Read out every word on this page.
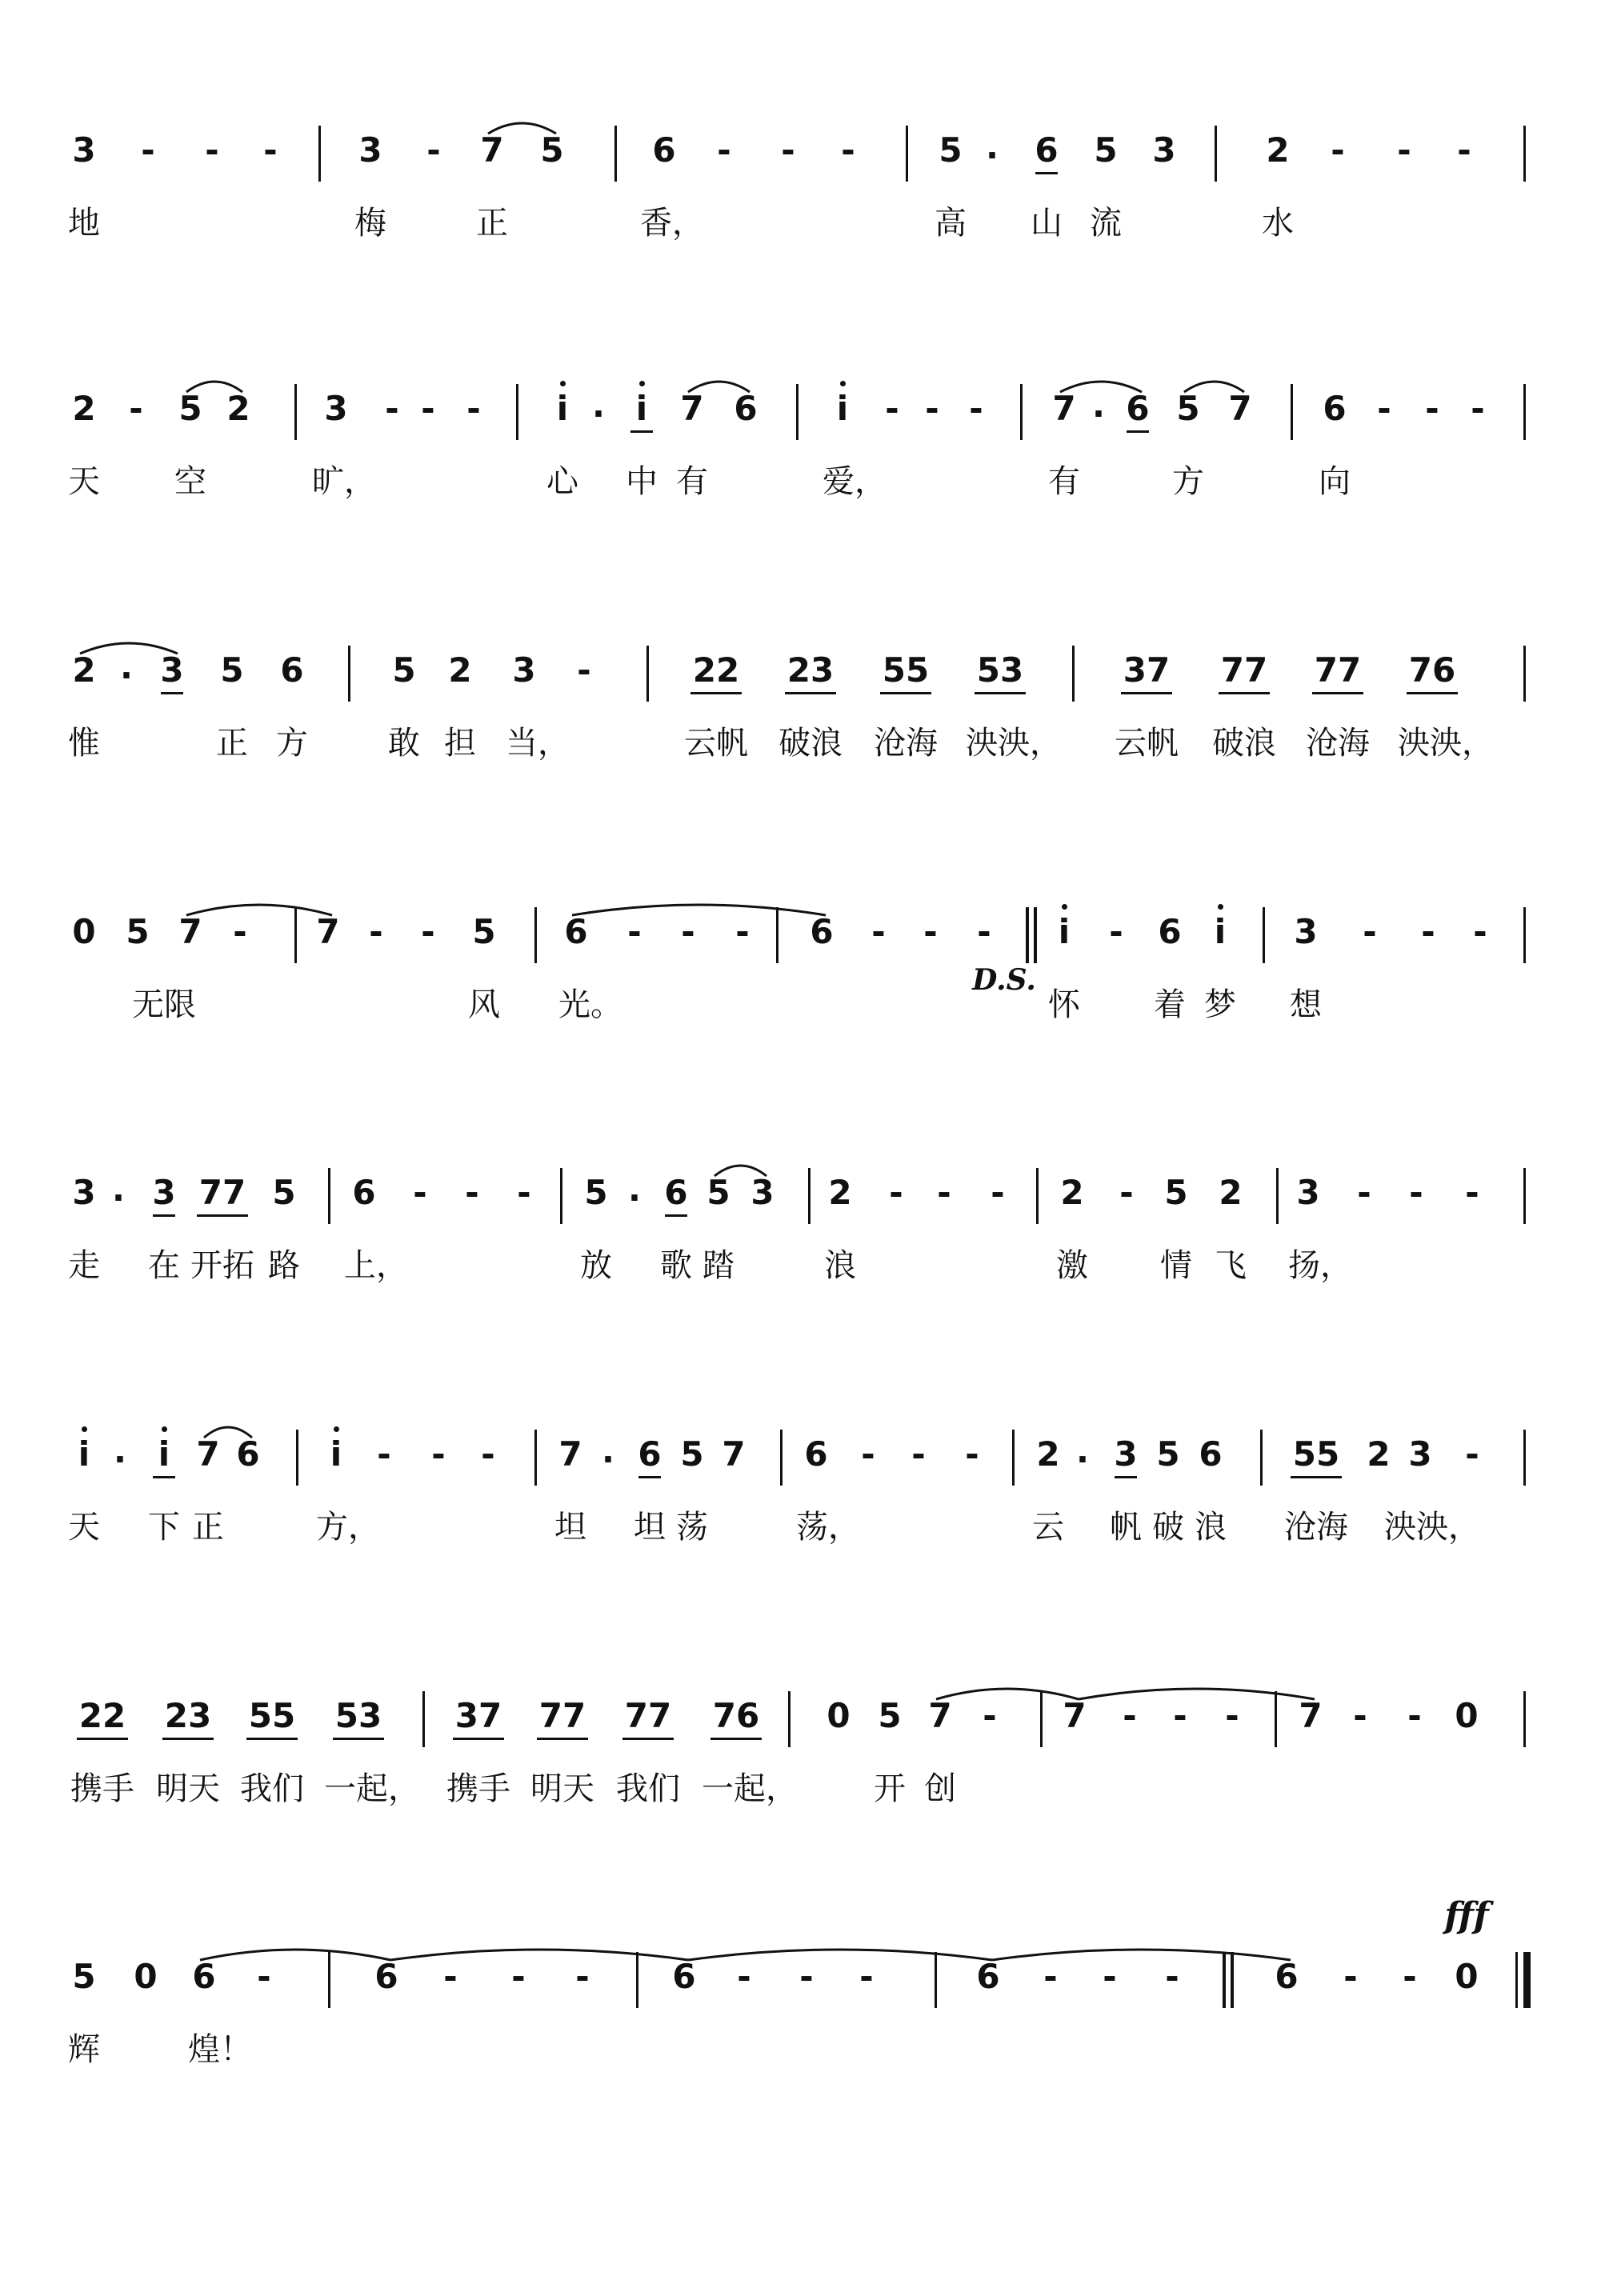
3 - - - 3 - 7 5	6 - - - 5 . 6 5 3	2 - - -
地	梅	正	香，	高 山 流	水
2 - 5 2 3 - - - i . i 7 6 i - - - 7 . 6 5 7 6 - - -
天 空	旷，	心 中 有	爱，	有	方	向
2 . 3 5 6	5 2 3 -	22 23 55 53	37 77 77 76
惟	正 方	敢 担 当，	云帆 破浪 沧海 泱泱， 云帆 破浪 沧海 泱泱，
0 5 7 - 7 - - 5 6 - - - 6 - - - i - 6 i 3 - - -
无限	风 光。	怀 着 梦 想
D.S.
3 . 3 77 5 6 - - - 5 . 6 5 3 2 - - - 2 - 5 2 3 - - -
走 在 开拓 路 上，	放 歌 踏	浪	激 情 飞 扬，
i . i 7 6 i - - - 7 . 6 5 7 6 - - - 2 . 3 5 6 55 2 3 -
天 下 正	方，	坦 坦 荡	荡，	云 帆 破 浪 沧海 泱泱，
22 23 55 53 37 77 77 76 0 5 7 - 7 - - - 7 - - 0
携手 明天 我们 一起， 携手 明天 我们 一起， 开 创
5 0 6 -	6 - - - 6 - - -	6 - - -	6 - - 0
辉	煌！
fff
